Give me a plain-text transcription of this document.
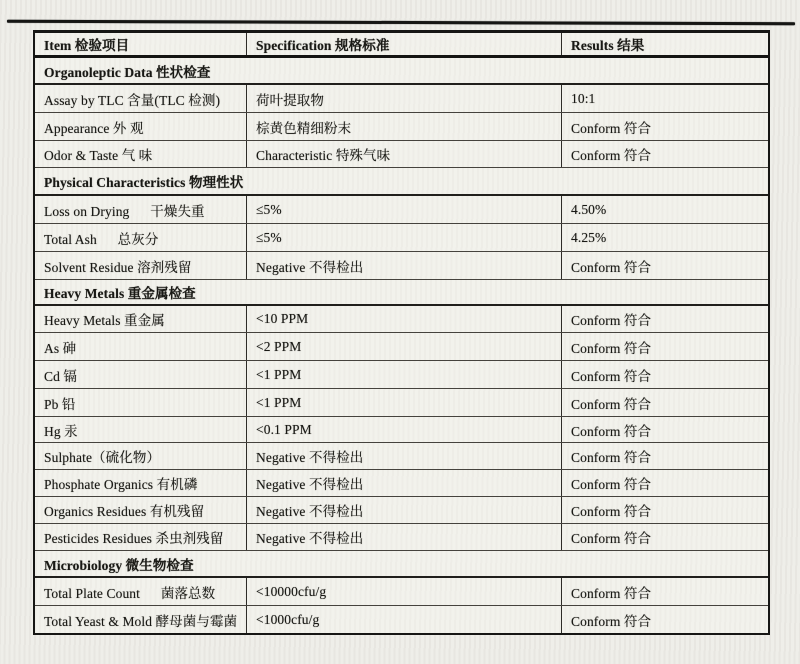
Item 检验项目	Specification 规格标准	Results 结果
Organoleptic Data 性状检查
Assay by TLC 含量(TLC 检测)	荷叶提取物	10:1
Appearance 外 观	棕黄色精细粉末	Conform 符合
Odor & Taste 气 味	Characteristic 特殊气味	Conform 符合
Physical Characteristics 物理性状
Loss on Drying      干燥失重	≤5%	4.50%
Total Ash      总灰分	≤5%	4.25%
Solvent Residue 溶剂残留	Negative 不得检出	Conform 符合
Heavy Metals 重金属检查
Heavy Metals 重金属	<10 PPM	Conform 符合
As 砷	<2 PPM	Conform 符合
Cd 镉	<1 PPM	Conform 符合
Pb 铅	<1 PPM	Conform 符合
Hg 汞	<0.1 PPM	Conform 符合
Sulphate（硫化物）	Negative 不得检出	Conform 符合
Phosphate Organics 有机磷	Negative 不得检出	Conform 符合
Organics Residues 有机残留	Negative 不得检出	Conform 符合
Pesticides Residues 杀虫剂残留	Negative 不得检出	Conform 符合
Microbiology 微生物检查
Total Plate Count      菌落总数	<10000cfu/g	Conform 符合
Total Yeast & Mold 酵母菌与霉菌	<1000cfu/g	Conform 符合
